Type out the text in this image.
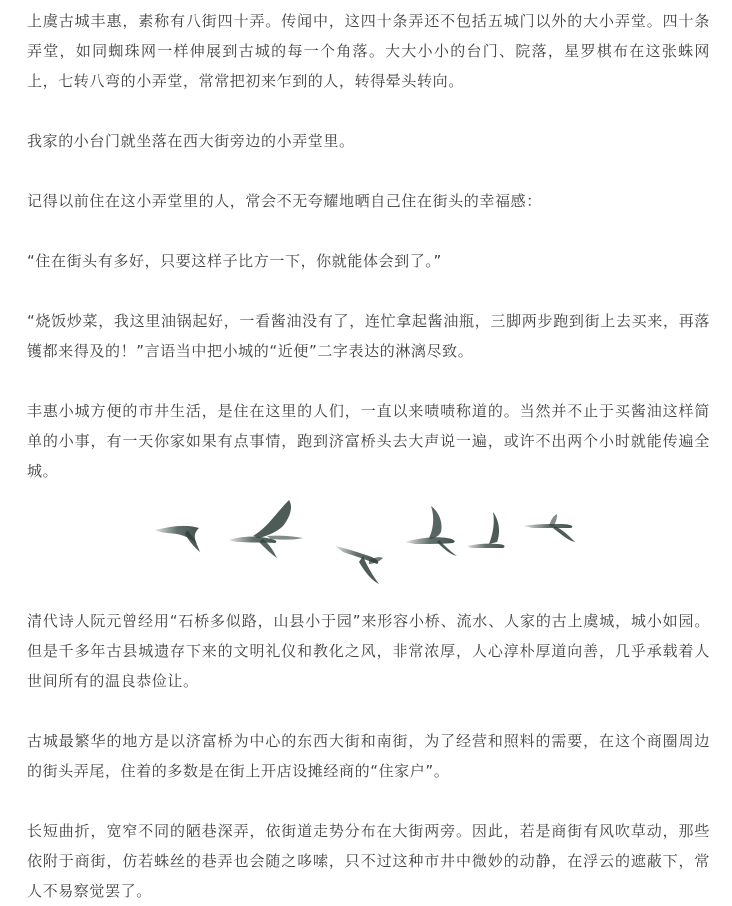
上虞古城丰惠，素称有八街四十弄。传闻中，这四十条弄还不包括五城门以外的大小弄堂。四十条弄堂，如同蜘珠网一样伸展到古城的每一个角落。大大小小的台门、院落，星罗棋布在这张蛛网上，七转八弯的小弄堂，常常把初来乍到的人，转得晕头转向。

我家的小台门就坐落在西大街旁边的小弄堂里。

记得以前住在这小弄堂里的人，常会不无夸耀地晒自己住在街头的幸福感：

“住在街头有多好，只要这样子比方一下，你就能体会到了。”

“烧饭炒菜，我这里油锅起好，一看酱油没有了，连忙拿起酱油瓶，三脚两步跑到街上去买来，再落镬都来得及的！”言语当中把小城的“近便”二字表达的淋漓尽致。

丰惠小城方便的市井生活，是住在这里的人们，一直以来啧啧称道的。当然并不止于买酱油这样简单的小事，有一天你家如果有点事情，跑到济富桥头去大声说一遍，或许不出两个小时就能传遍全城。

清代诗人阮元曾经用“石桥多似路，山县小于园”来形容小桥、流水、人家的古上虞城，城小如园。但是千多年古县城遗存下来的文明礼仪和教化之风，非常浓厚，人心淳朴厚道向善，几乎承载着人世间所有的温良恭俭让。

古城最繁华的地方是以济富桥为中心的东西大街和南街，为了经营和照料的需要，在这个商圈周边的街头弄尾，住着的多数是在街上开店设摊经商的“住家户”。

长短曲折，宽窄不同的陋巷深弄，依街道走势分布在大街两旁。因此，若是商街有风吹草动，那些依附于商街，仿若蛛丝的巷弄也会随之哆嗦，只不过这种市井中微妙的动静，在浮云的遮蔽下，常人不易察觉罢了。
